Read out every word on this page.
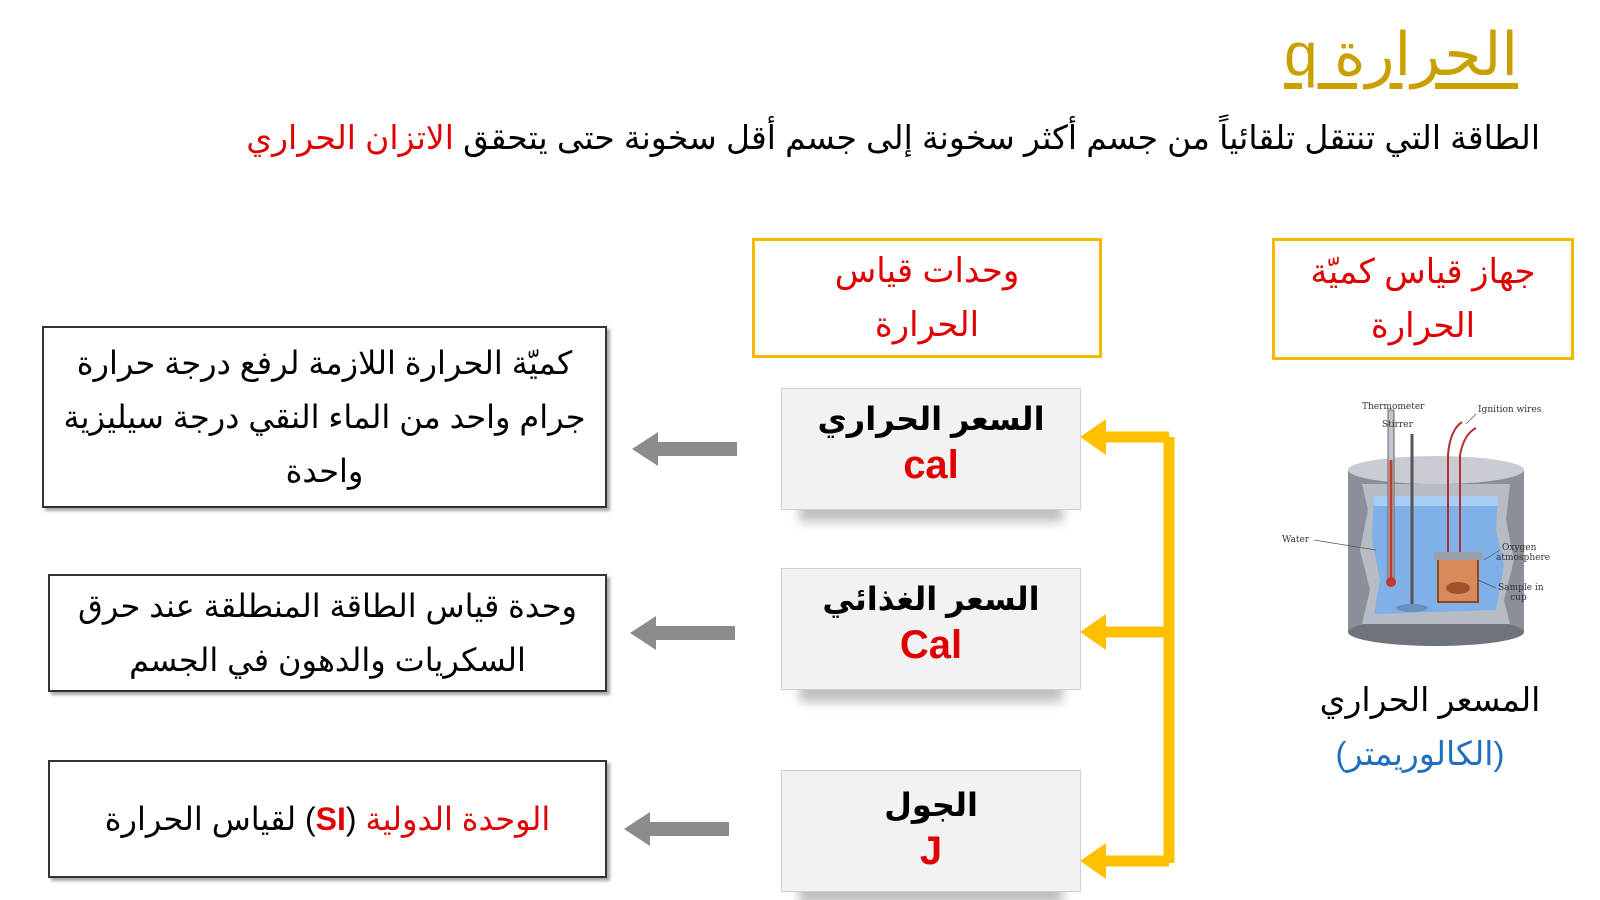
الحرارة q
الطاقة التي تنتقل تلقائياً من جسم أكثر سخونة إلى جسم أقل سخونة حتى يتحقق الاتزان الحراري
وحدات قياس
الحرارة
جهاز قياس كميّة
الحرارة
السعر الحراري
cal
السعر الغذائي
Cal
الجول
J
كميّة الحرارة اللازمة لرفع درجة حرارة جرام واحد من الماء النقي درجة سيليزية واحدة
وحدة قياس الطاقة المنطلقة عند حرق السكريات والدهون في الجسم
الوحدة الدولية (SI) لقياس الحرارة
Thermometer
Stirrer
Ignition wires
Water
Oxygen
atmosphere
Sample in
cup
المسعر الحراري
(الكالوريمتر)
